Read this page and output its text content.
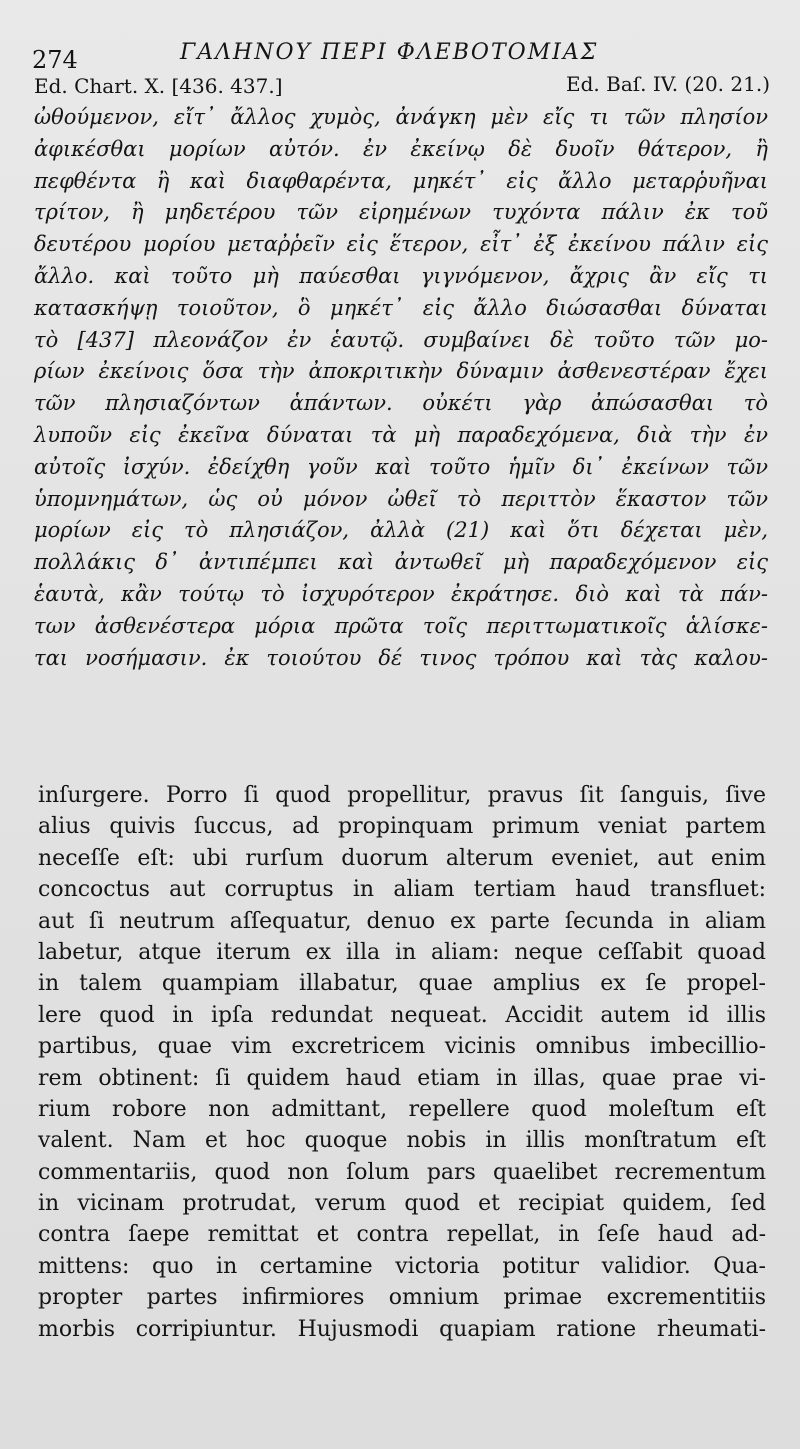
274	ΓΑΛΗΝΟΥ ΠΕΡΙ ΦΛΕΒΟΤΟΜΙΑΣ
Ed. Chart. X. [436. 437.]	Ed. Baſ. IV. (20. 21.)
ὠθούμενον, εἴτ᾽ ἄλλος χυμὸς, ἀνάγκη μὲν εἴς τι τῶν πλησίον
ἀφικέσθαι μορίων αὐτόν. ἐν ἐκείνῳ δὲ δυοῖν θάτερον, ἢ
πεφθέντα ἢ καὶ διαφθαρέντα, μηκέτ᾽ εἰς ἄλλο μεταρῥυῆναι
τρίτον, ἢ μηδετέρου τῶν εἰρημένων τυχόντα πάλιν ἐκ τοῦ
δευτέρου μορίου μεταῤῥεῖν εἰς ἕτερον, εἶτ᾽ ἐξ ἐκείνου πάλιν εἰς
ἄλλο. καὶ τοῦτο μὴ παύεσθαι γιγνόμενον, ἄχρις ἂν εἴς τι
κατασκήψῃ τοιοῦτον, ὃ μηκέτ᾽ εἰς ἄλλο διώσασθαι δύναται
τὸ [437] πλεονάζον ἐν ἑαυτῷ. συμβαίνει δὲ τοῦτο τῶν μο-
ρίων ἐκείνοις ὅσα τὴν ἀποκριτικὴν δύναμιν ἀσθενεστέραν ἔχει
τῶν πλησιαζόντων ἁπάντων. οὐκέτι γὰρ ἀπώσασθαι τὸ
λυποῦν εἰς ἐκεῖνα δύναται τὰ μὴ παραδεχόμενα, διὰ τὴν ἐν
αὐτοῖς ἰσχύν. ἐδείχθη γοῦν καὶ τοῦτο ἡμῖν δι᾽ ἐκείνων τῶν
ὑπομνημάτων, ὡς οὐ μόνον ὠθεῖ τὸ περιττὸν ἕκαστον τῶν
μορίων εἰς τὸ πλησιάζον, ἀλλὰ (21) καὶ ὅτι δέχεται μὲν,
πολλάκις δ᾽ ἀντιπέμπει καὶ ἀντωθεῖ μὴ παραδεχόμενον εἰς
ἑαυτὰ, κἂν τούτῳ τὸ ἰσχυρότερον ἐκράτησε. διὸ καὶ τὰ πάν-
των ἀσθενέστερα μόρια πρῶτα τοῖς περιττωματικοῖς ἁλίσκε-
ται νοσήμασιν. ἐκ τοιούτου δέ τινος τρόπου καὶ τὰς καλου-
inſurgere. Porro ſi quod propellitur, pravus ſit ſanguis, ſive
alius quivis ſuccus, ad propinquam primum veniat partem
neceſſe eſt: ubi rurſum duorum alterum eveniet, aut enim
concoctus aut corruptus in aliam tertiam haud transfluet:
aut ſi neutrum aſſequatur, denuo ex parte ſecunda in aliam
labetur, atque iterum ex illa in aliam: neque ceſſabit quoad
in talem quampiam illabatur, quae amplius ex ſe propel-
lere quod in ipſa redundat nequeat. Accidit autem id illis
partibus, quae vim excretricem vicinis omnibus imbecillio-
rem obtinent: ſi quidem haud etiam in illas, quae prae vi-
rium robore non admittant, repellere quod moleſtum eſt
valent. Nam et hoc quoque nobis in illis monſtratum eſt
commentariis, quod non ſolum pars quaelibet recrementum
in vicinam protrudat, verum quod et recipiat quidem, ſed
contra ſaepe remittat et contra repellat, in ſeſe haud ad-
mittens: quo in certamine victoria potitur validior. Qua-
propter partes infirmiores omnium primae excrementitiis
morbis corripiuntur. Hujusmodi quapiam ratione rheumati-
